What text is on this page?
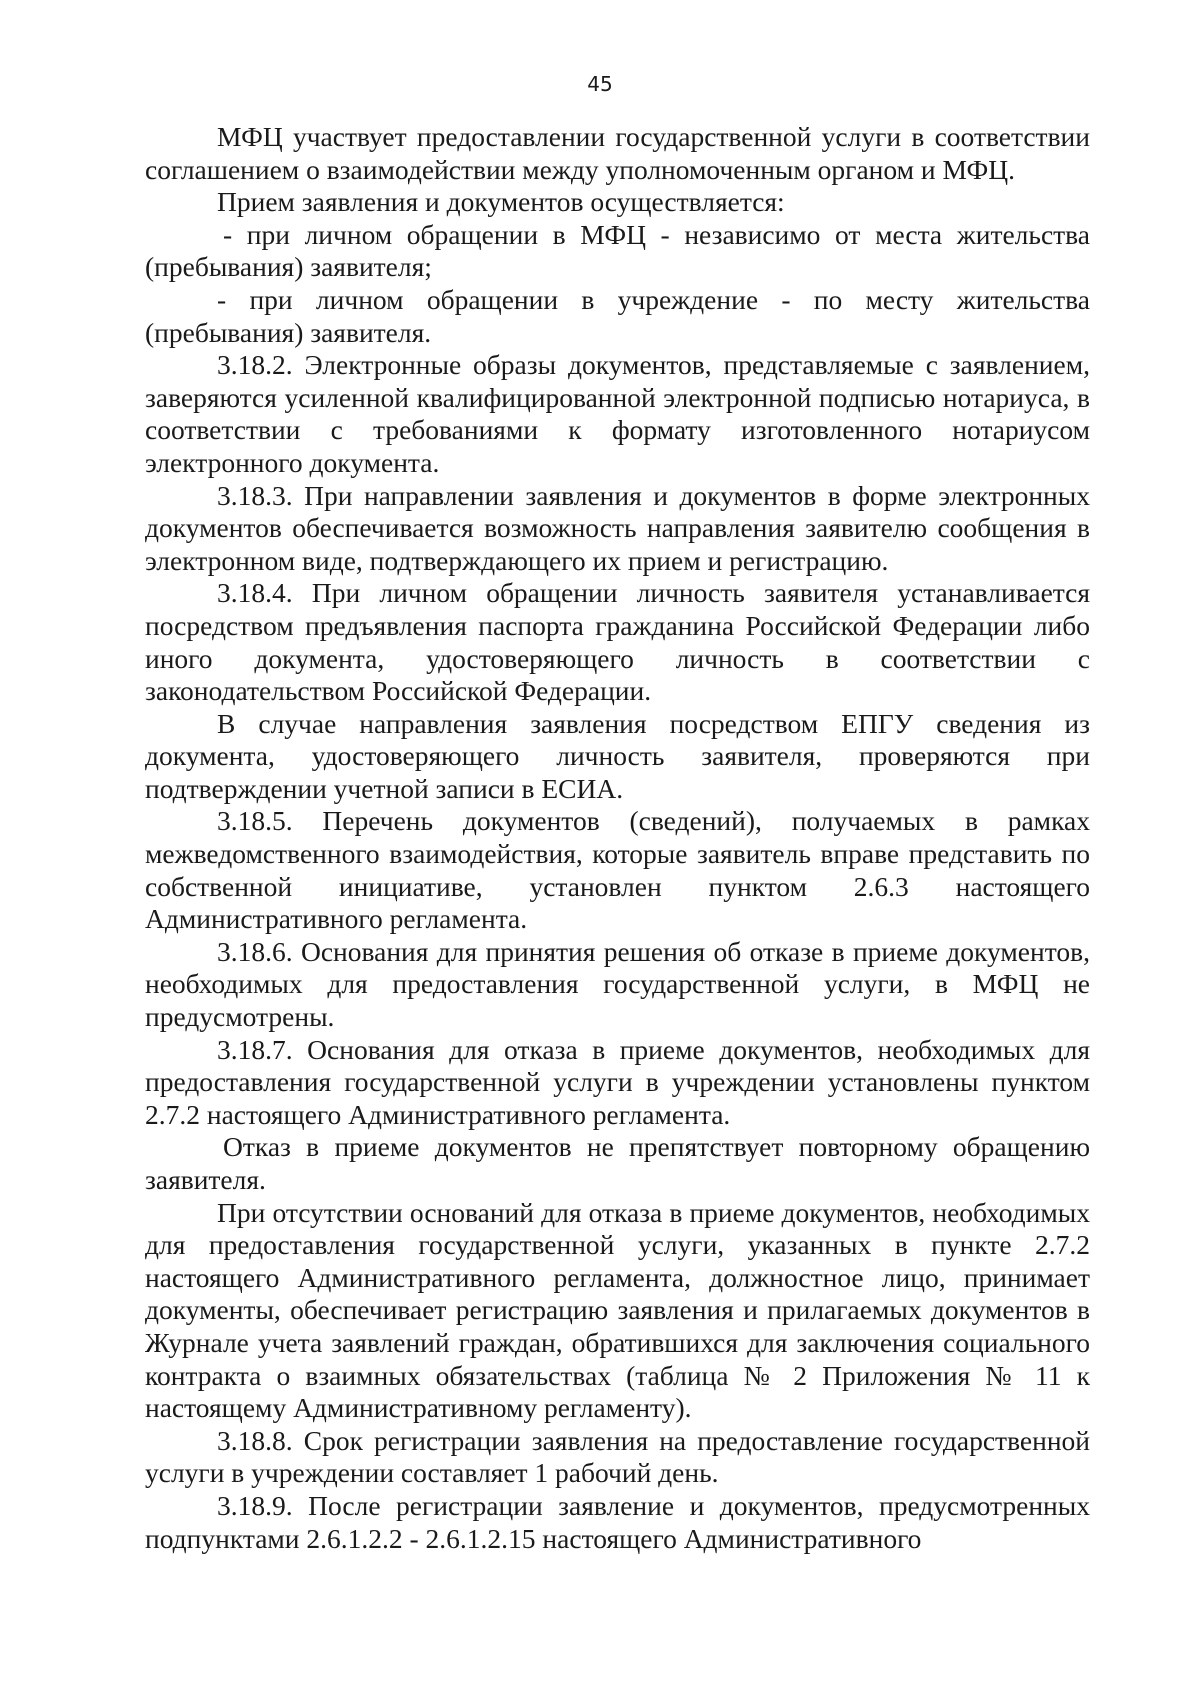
45

МФЦ участвует предоставлении государственной услуги в соответствии соглашением о взаимодействии между уполномоченным органом и МФЦ.

Прием заявления и документов осуществляется:

- при личном обращении в МФЦ - независимо от места жительства (пребывания) заявителя;

- при личном обращении в учреждение - по месту жительства (пребывания) заявителя.

3.18.2. Электронные образы документов, представляемые с заявлением, заверяются усиленной квалифицированной электронной подписью нотариуса, в соответствии с требованиями к формату изготовленного нотариусом электронного документа.

3.18.3. При направлении заявления и документов в форме электронных документов обеспечивается возможность направления заявителю сообщения в электронном виде, подтверждающего их прием и регистрацию.

3.18.4. При личном обращении личность заявителя устанавливается посредством предъявления паспорта гражданина Российской Федерации либо иного документа, удостоверяющего личность в соответствии с законодательством Российской Федерации.

В случае направления заявления посредством ЕПГУ сведения из документа, удостоверяющего личность заявителя, проверяются при подтверждении учетной записи в ЕСИА.

3.18.5. Перечень документов (сведений), получаемых в рамках межведомственного взаимодействия, которые заявитель вправе представить по собственной инициативе, установлен пунктом 2.6.3 настоящего Административного регламента.

3.18.6. Основания для принятия решения об отказе в приеме документов, необходимых для предоставления государственной услуги, в МФЦ не предусмотрены.

3.18.7. Основания для отказа в приеме документов, необходимых для предоставления государственной услуги в учреждении установлены пунктом 2.7.2 настоящего Административного регламента.

Отказ в приеме документов не препятствует повторному обращению заявителя.

При отсутствии оснований для отказа в приеме документов, необходимых для предоставления государственной услуги, указанных в пункте 2.7.2 настоящего Административного регламента, должностное лицо, принимает документы, обеспечивает регистрацию заявления и прилагаемых документов в Журнале учета заявлений граждан, обратившихся для заключения социального контракта о взаимных обязательствах (таблица № 2 Приложения № 11 к настоящему Административному регламенту).

3.18.8. Срок регистрации заявления на предоставление государственной услуги в учреждении составляет 1 рабочий день.

3.18.9. После регистрации заявление и документов, предусмотренных подпунктами 2.6.1.2.2 - 2.6.1.2.15 настоящего Административного
